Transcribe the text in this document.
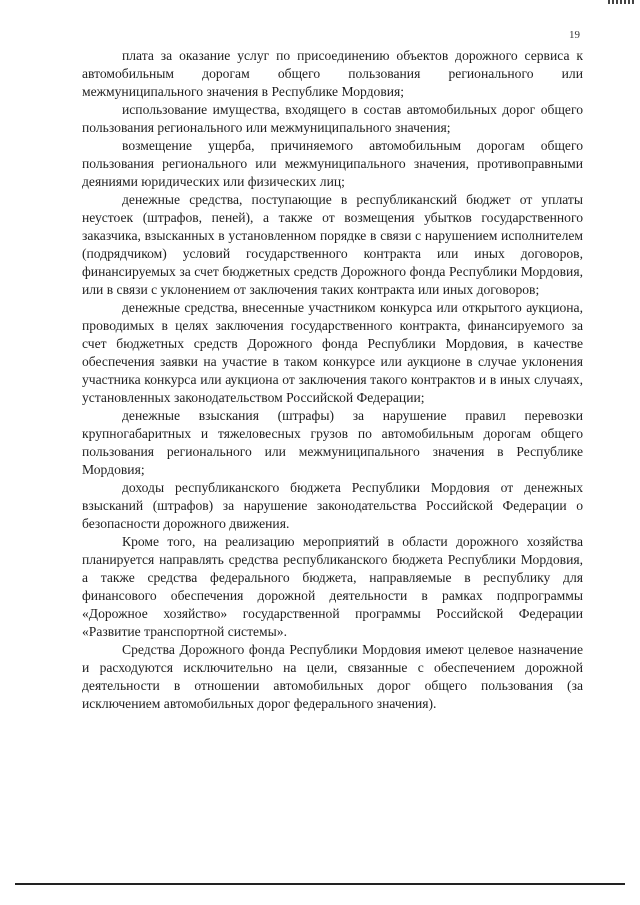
19

плата за оказание услуг по присоединению объектов дорожного сервиса к автомобильным дорогам общего пользования регионального или межмуниципального значения в Республике Мордовия;

использование имущества, входящего в состав автомобильных дорог общего пользования регионального или межмуниципального значения;

возмещение ущерба, причиняемого автомобильным дорогам общего пользования регионального или межмуниципального значения, противоправными деяниями юридических или физических лиц;

денежные средства, поступающие в республиканский бюджет от уплаты неустоек (штрафов, пеней), а также от возмещения убытков государственного заказчика, взысканных в установленном порядке в связи с нарушением исполнителем (подрядчиком) условий государственного контракта или иных договоров, финансируемых за счет бюджетных средств Дорожного фонда Республики Мордовия, или в связи с уклонением от заключения таких контракта или иных договоров;

денежные средства, внесенные участником конкурса или открытого аукциона, проводимых в целях заключения государственного контракта, финансируемого за счет бюджетных средств Дорожного фонда Республики Мордовия, в качестве обеспечения заявки на участие в таком конкурсе или аукционе в случае уклонения участника конкурса или аукциона от заключения такого контрактов и в иных случаях, установленных законодательством Российской Федерации;

денежные взыскания (штрафы) за нарушение правил перевозки крупногабаритных и тяжеловесных грузов по автомобильным дорогам общего пользования регионального или межмуниципального значения в Республике Мордовия;

доходы республиканского бюджета Республики Мордовия от денежных взысканий (штрафов) за нарушение законодательства Российской Федерации о безопасности дорожного движения.

Кроме того, на реализацию мероприятий в области дорожного хозяйства планируется направлять средства республиканского бюджета Республики Мордовия, а также средства федерального бюджета, направляемые в республику для финансового обеспечения дорожной деятельности в рамках подпрограммы «Дорожное хозяйство» государственной программы Российской Федерации «Развитие транспортной системы».

Средства Дорожного фонда Республики Мордовия имеют целевое назначение и расходуются исключительно на цели, связанные с обеспечением дорожной деятельности в отношении автомобильных дорог общего пользования (за исключением автомобильных дорог федерального значения).
